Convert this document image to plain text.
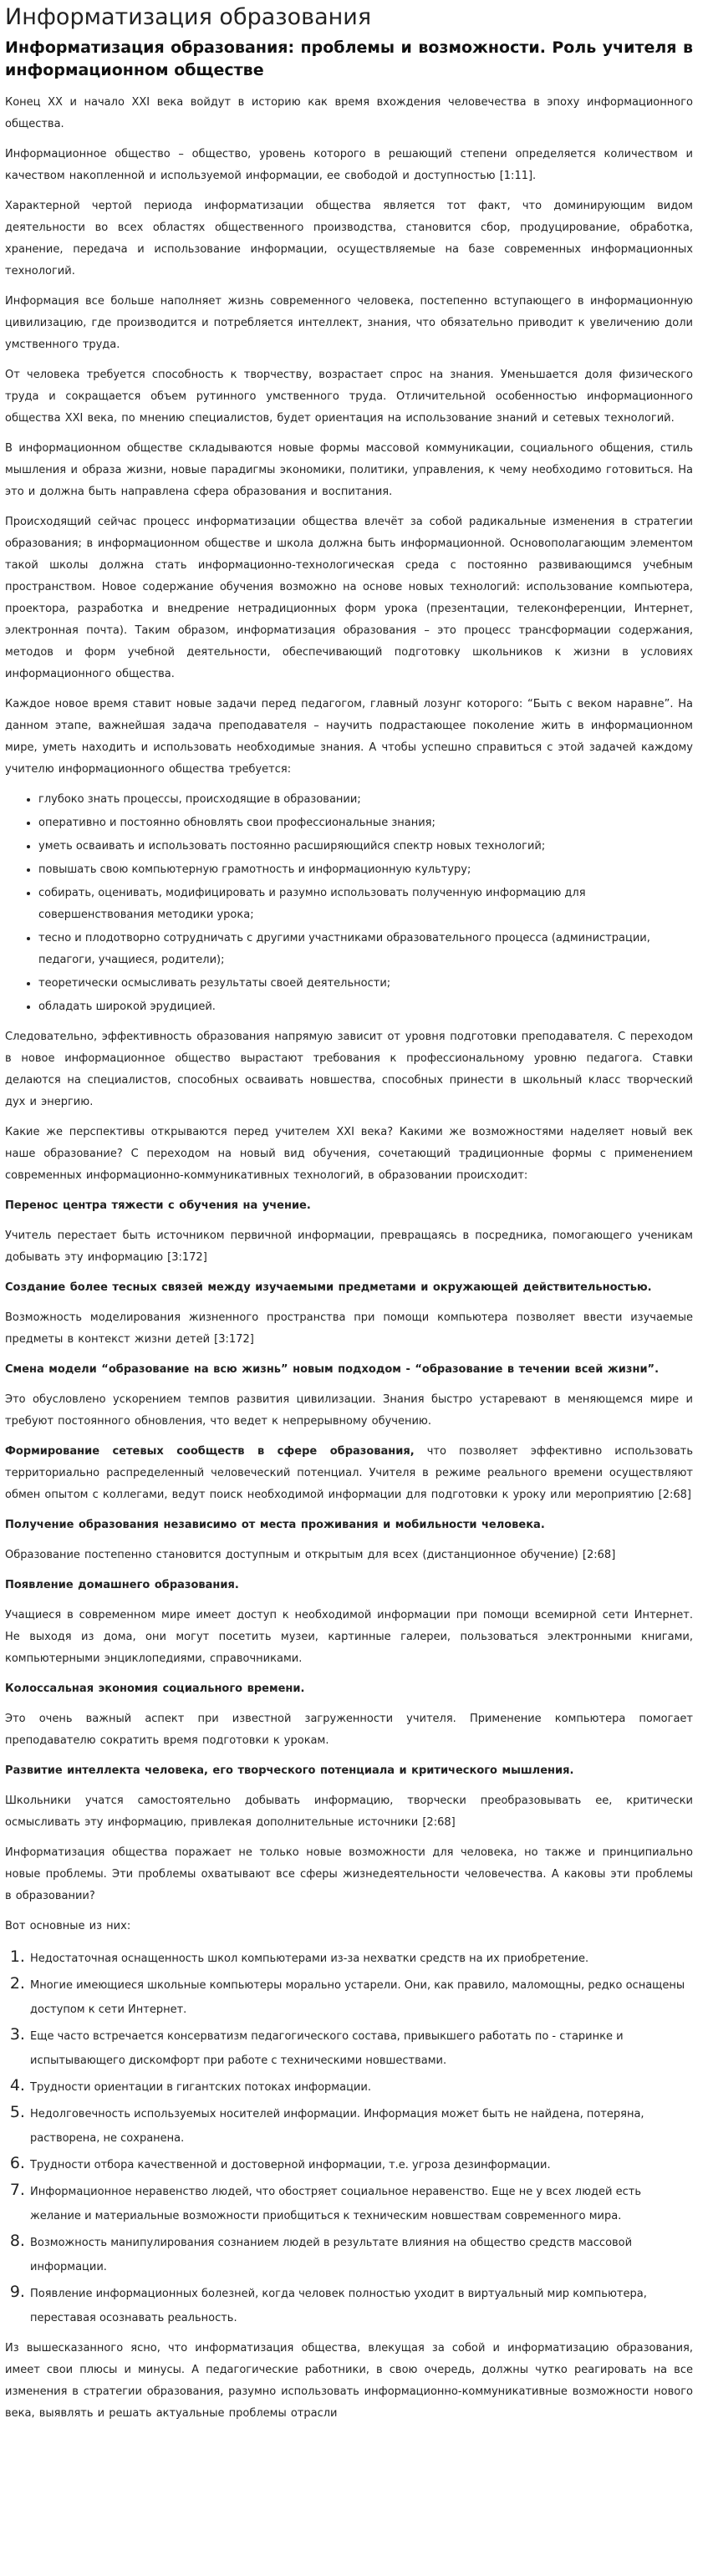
Информатизация образования
Информатизация образования: проблемы и возможности. Роль учителя в информационном обществе

Конец XX и начало XXI века войдут в историю как время вхождения человечества в эпоху информационного общества.

Информационное общество – общество, уровень которого в решающий степени определяется количеством и качеством накопленной и используемой информации, ее свободой и доступностью [1:11].

Характерной чертой периода информатизации общества является тот факт, что доминирующим видом деятельности во всех областях общественного производства, становится сбор, продуцирование, обработка, хранение, передача и использование информации, осуществляемые на базе современных информационных технологий.

Информация все больше наполняет жизнь современного человека, постепенно вступающего в информационную цивилизацию, где производится и потребляется интеллект, знания, что обязательно приводит к увеличению доли умственного труда.

От человека требуется способность к творчеству, возрастает спрос на знания. Уменьшается доля физического труда и сокращается объем рутинного умственного труда. Отличительной особенностью информационного общества XXI века, по мнению специалистов, будет ориентация на использование знаний и сетевых технологий.

В информационном обществе складываются новые формы массовой коммуникации, социального общения, стиль мышления и образа жизни, новые парадигмы экономики, политики, управления, к чему необходимо готовиться. На это и должна быть направлена сфера образования и воспитания.

Происходящий сейчас процесс информатизации общества влечёт за собой радикальные изменения в стратегии образования; в информационном обществе и школа должна быть информационной. Основополагающим элементом такой школы должна стать информационно-технологическая среда с постоянно развивающимся учебным пространством. Новое содержание обучения возможно на основе новых технологий: использование компьютера, проектора, разработка и внедрение нетрадиционных форм урока (презентации, телеконференции, Интернет, электронная почта). Таким образом, информатизация образования – это процесс трансформации содержания, методов и форм учебной деятельности, обеспечивающий подготовку школьников к жизни в условиях информационного общества.

Каждое новое время ставит новые задачи перед педагогом, главный лозунг которого: “Быть с веком наравне”. На данном этапе, важнейшая задача преподавателя – научить подрастающее поколение жить в информационном мире, уметь находить и использовать необходимые знания. А чтобы успешно справиться с этой задачей каждому учителю информационного общества требуется:

• глубоко знать процессы, происходящие в образовании;
• оперативно и постоянно обновлять свои профессиональные знания;
• уметь осваивать и использовать постоянно расширяющийся спектр новых технологий;
• повышать свою компьютерную грамотность и информационную культуру;
• собирать, оценивать, модифицировать и разумно использовать полученную информацию для совершенствования методики урока;
• тесно и плодотворно сотрудничать с другими участниками образовательного процесса (администрации, педагоги, учащиеся, родители);
• теоретически осмысливать результаты своей деятельности;
• обладать широкой эрудицией.

Следовательно, эффективность образования напрямую зависит от уровня подготовки преподавателя. С переходом в новое информационное общество вырастают требования к профессиональному уровню педагога. Ставки делаются на специалистов, способных осваивать новшества, способных принести в школьный класс творческий дух и энергию.

Какие же перспективы открываются перед учителем XXI века? Какими же возможностями наделяет новый век наше образование? С переходом на новый вид обучения, сочетающий традиционные формы с применением современных информационно-коммуникативных технологий, в образовании происходит:

Перенос центра тяжести с обучения на учение.

Учитель перестает быть источником первичной информации, превращаясь в посредника, помогающего ученикам добывать эту информацию [3:172]

Создание более тесных связей между изучаемыми предметами и окружающей действительностью.

Возможность моделирования жизненного пространства при помощи компьютера позволяет ввести изучаемые предметы в контекст жизни детей [3:172]

Смена модели “образование на всю жизнь” новым подходом - “образование в течении всей жизни”.

Это обусловлено ускорением темпов развития цивилизации. Знания быстро устаревают в меняющемся мире и требуют постоянного обновления, что ведет к непрерывному обучению.

Формирование сетевых сообществ в сфере образования, что позволяет эффективно использовать территориально распределенный человеческий потенциал. Учителя в режиме реального времени осуществляют обмен опытом с коллегами, ведут поиск необходимой информации для подготовки к уроку или мероприятию [2:68]

Получение образования независимо от места проживания и мобильности человека.

Образование постепенно становится доступным и открытым для всех (дистанционное обучение) [2:68]

Появление домашнего образования.

Учащиеся в современном мире имеет доступ к необходимой информации при помощи всемирной сети Интернет. Не выходя из дома, они могут посетить музеи, картинные галереи, пользоваться электронными книгами, компьютерными энциклопедиями, справочниками.

Колоссальная экономия социального времени.

Это очень важный аспект при известной загруженности учителя. Применение компьютера помогает преподавателю сократить время подготовки к урокам.

Развитие интеллекта человека, его творческого потенциала и критического мышления.

Школьники учатся самостоятельно добывать информацию, творчески преобразовывать ее, критически осмысливать эту информацию, привлекая дополнительные источники [2:68]

Информатизация общества поражает не только новые возможности для человека, но также и принципиально новые проблемы. Эти проблемы охватывают все сферы жизнедеятельности человечества. А каковы эти проблемы в образовании?

Вот основные из них:

1. Недостаточная оснащенность школ компьютерами из-за нехватки средств на их приобретение.
2. Многие имеющиеся школьные компьютеры морально устарели. Они, как правило, маломощны, редко оснащены доступом к сети Интернет.
3. Еще часто встречается консерватизм педагогического состава, привыкшего работать по - старинке и испытывающего дискомфорт при работе с техническими новшествами.
4. Трудности ориентации в гигантских потоках информации.
5. Недолговечность используемых носителей информации. Информация может быть не найдена, потеряна, растворена, не сохранена.
6. Трудности отбора качественной и достоверной информации, т.е. угроза дезинформации.
7. Информационное неравенство людей, что обостряет социальное неравенство. Еще не у всех людей есть желание и материальные возможности приобщиться к техническим новшествам современного мира.
8. Возможность манипулирования сознанием людей в результате влияния на общество средств массовой информации.
9. Появление информационных болезней, когда человек полностью уходит в виртуальный мир компьютера, переставая осознавать реальность.

Из вышесказанного ясно, что информатизация общества, влекущая за собой и информатизацию образования, имеет свои плюсы и минусы. А педагогические работники, в свою очередь, должны чутко реагировать на все изменения в стратегии образования, разумно использовать информационно-коммуникативные возможности нового века, выявлять и решать актуальные проблемы отрасли
